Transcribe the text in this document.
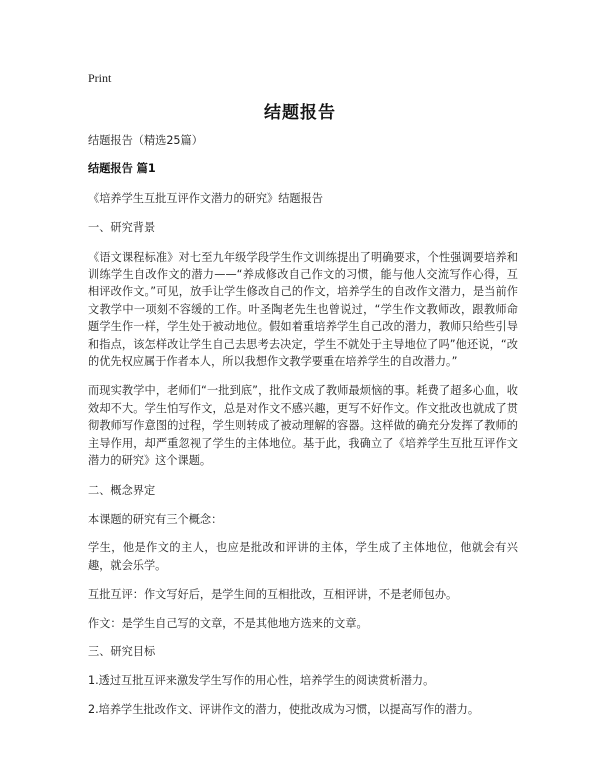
Print
结题报告

结题报告（精选25篇）

结题报告 篇1

《培养学生互批互评作文潜力的研究》结题报告

一、研究背景

《语文课程标准》对七至九年级学段学生作文训练提出了明确要求，个性强调要培养和训练学生自改作文的潜力——“养成修改自己作文的习惯，能与他人交流写作心得，互相评改作文。”可见，放手让学生修改自己的作文，培养学生的自改作文潜力，是当前作文教学中一项刻不容缓的工作。叶圣陶老先生也曾说过，“学生作文教师改，跟教师命题学生作一样，学生处于被动地位。假如着重培养学生自己改的潜力，教师只给些引导和指点，该怎样改让学生自己去思考去决定，学生不就处于主导地位了吗”他还说，“改的优先权应属于作者本人，所以我想作文教学要重在培养学生的自改潜力。”

而现实教学中，老师们“一批到底”，批作文成了教师最烦恼的事。耗费了超多心血，收效却不大。学生怕写作文，总是对作文不感兴趣，更写不好作文。作文批改也就成了贯彻教师写作意图的过程，学生则转成了被动理解的容器。这样做的确充分发挥了教师的主导作用，却严重忽视了学生的主体地位。基于此，我确立了《培养学生互批互评作文潜力的研究》这个课题。

二、概念界定

本课题的研究有三个概念：

学生，他是作文的主人，也应是批改和评讲的主体，学生成了主体地位，他就会有兴趣，就会乐学。

互批互评：作文写好后，是学生间的互相批改，互相评讲，不是老师包办。

作文：是学生自己写的文章，不是其他地方选来的文章。

三、研究目标

1.透过互批互评来激发学生写作的用心性，培养学生的阅读赏析潜力。

2.培养学生批改作文、评讲作文的潜力，使批改成为习惯，以提高写作的潜力。
